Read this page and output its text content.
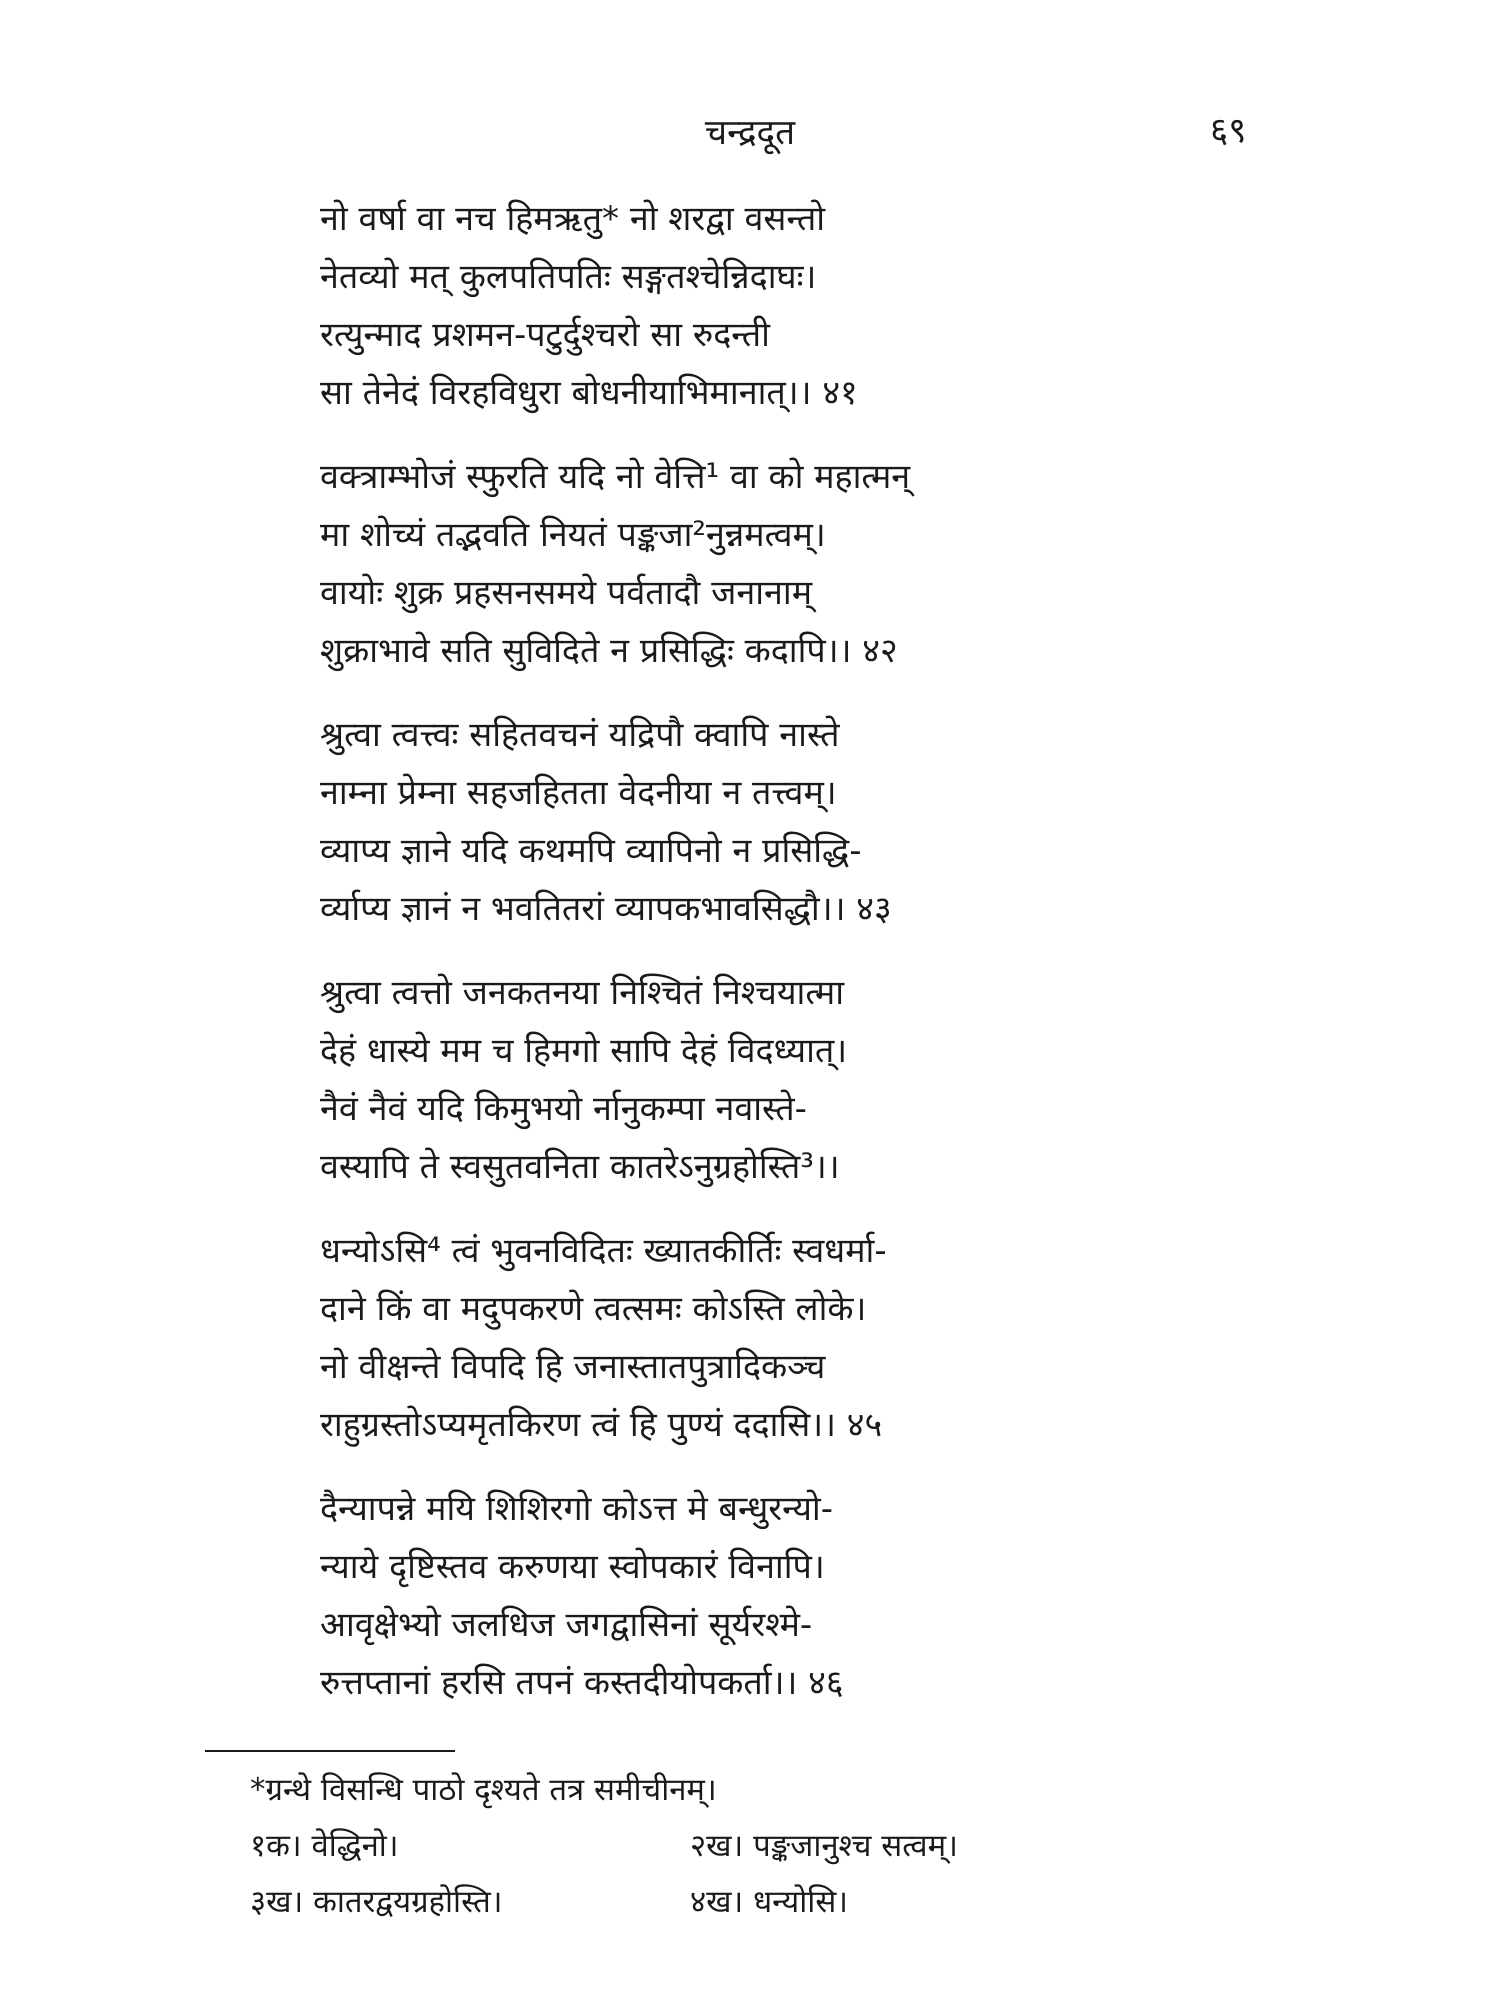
चन्द्रदूत	६९
नो वर्षा वा नच हिमऋतु* नो शरद्वा वसन्तो
नेतव्यो मत् कुलपतिपतिः सङ्गतश्चेन्निदाघः।
रत्युन्माद प्रशमन-पटुर्दुश्चरो सा रुदन्ती
सा तेनेदं विरहविधुरा बोधनीयाभिमानात्।। ४१
वक्त्राम्भोजं स्फुरति यदि नो वेत्ति¹ वा को महात्मन्
मा शोच्यं तद्भवति नियतं पङ्कजा²नुन्नमत्वम्।
वायोः शुक्र प्रहसनसमये पर्वतादौ जनानाम्
शुक्राभावे सति सुविदिते न प्रसिद्धिः कदापि।। ४२
श्रुत्वा त्वत्त्वः सहितवचनं यद्रिपौ क्वापि नास्ते
नाम्ना प्रेम्ना सहजहितता वेदनीया न तत्त्वम्।
व्याप्य ज्ञाने यदि कथमपि व्यापिनो न प्रसिद्धि-
र्व्याप्य ज्ञानं न भवतितरां व्यापकभावसिद्धौ।। ४३
श्रुत्वा त्वत्तो जनकतनया निश्चितं निश्चयात्मा
देहं धास्ये मम च हिमगो सापि देहं विदध्यात्।
नैवं नैवं यदि किमुभयो र्नानुकम्पा नवास्ते-
वस्यापि ते स्वसुतवनिता कातरेऽनुग्रहोस्ति³।।
धन्योऽसि⁴ त्वं भुवनविदितः ख्यातकीर्तिः स्वधर्मा-
दाने किं वा मदुपकरणे त्वत्समः कोऽस्ति लोके।
नो वीक्षन्ते विपदि हि जनास्तातपुत्रादिकञ्च
राहुग्रस्तोऽप्यमृतकिरण त्वं हि पुण्यं ददासि।। ४५
दैन्यापन्ने मयि शिशिरगो कोऽत्त मे बन्धुरन्यो-
न्याये दृष्टिस्तव करुणया स्वोपकारं विनापि।
आवृक्षेभ्यो जलधिज जगद्वासिनां सूर्यरश्मे-
रुत्तप्तानां हरसि तपनं कस्तदीयोपकर्ता।। ४६
*ग्रन्थे विसन्धि पाठो दृश्यते तत्र समीचीनम्।
१क। वेद्धिनो।	२ख। पङ्कजानुश्च सत्वम्।
३ख। कातरद्वयग्रहोस्ति।	४ख। धन्योसि।
